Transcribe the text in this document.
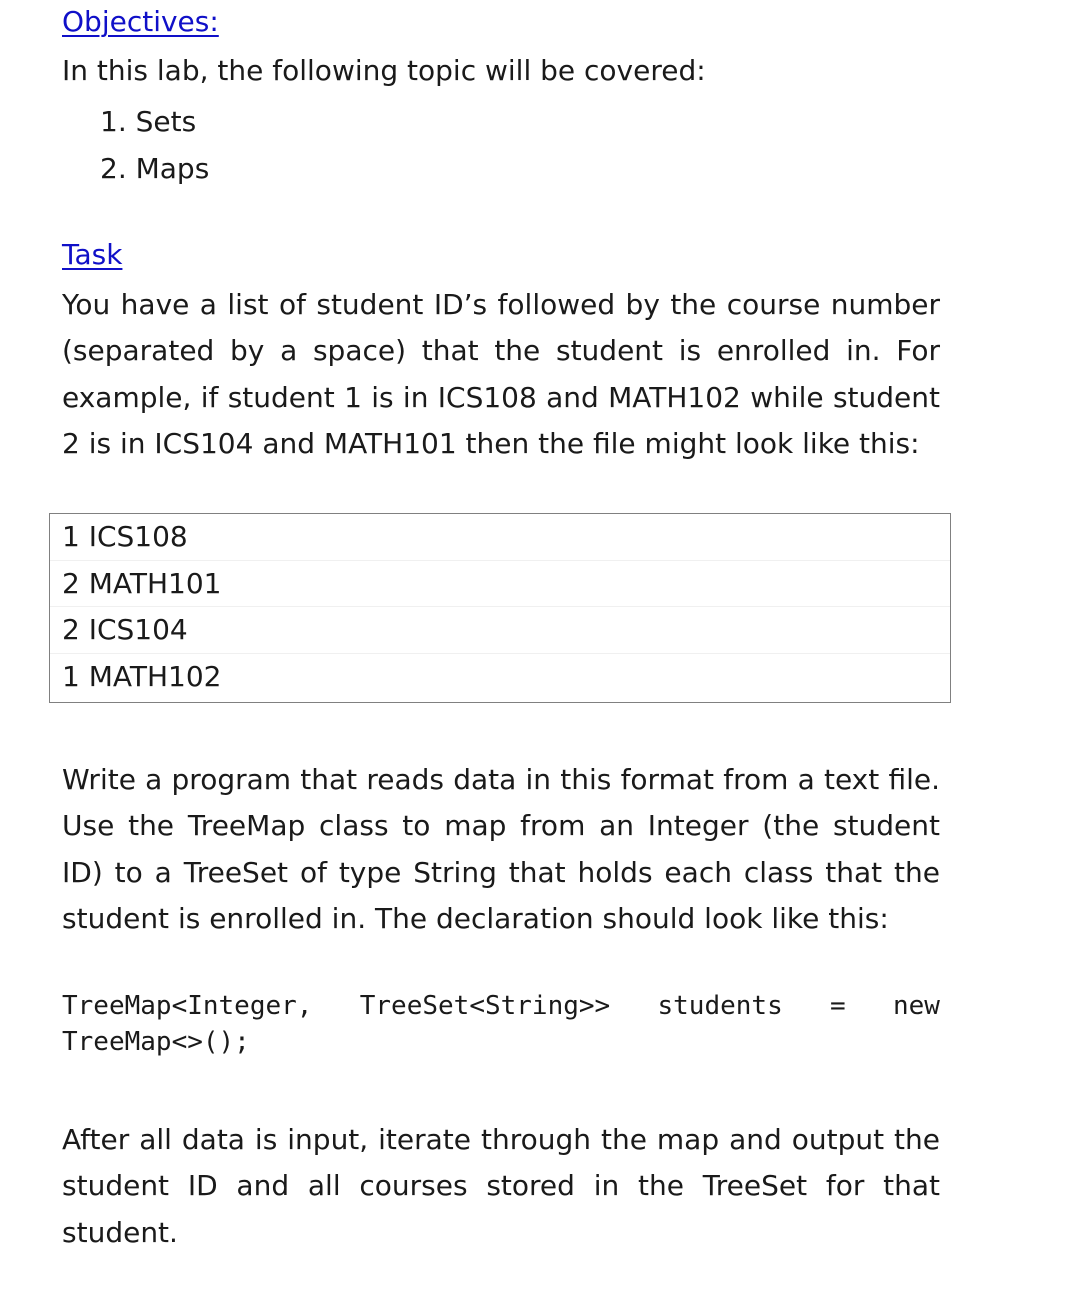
Objectives:

In this lab, the following topic will be covered:

1. Sets
2. Maps
Task

You have a list of student ID’s followed by the course number (separated by a space) that the student is enrolled in. For example, if student 1 is in ICS108 and MATH102 while student 2 is in ICS104 and MATH101 then the file might look like this:

1 ICS108
2 MATH101
2 ICS104
1 MATH102

Write a program that reads data in this format from a text file. Use the TreeMap class to map from an Integer (the student ID) to a TreeSet of type String that holds each class that the student is enrolled in. The declaration should look like this:

TreeMap<Integer, TreeSet<String>> students = new
TreeMap<>();

After all data is input, iterate through the map and output the student ID and all courses stored in the TreeSet for that student.
